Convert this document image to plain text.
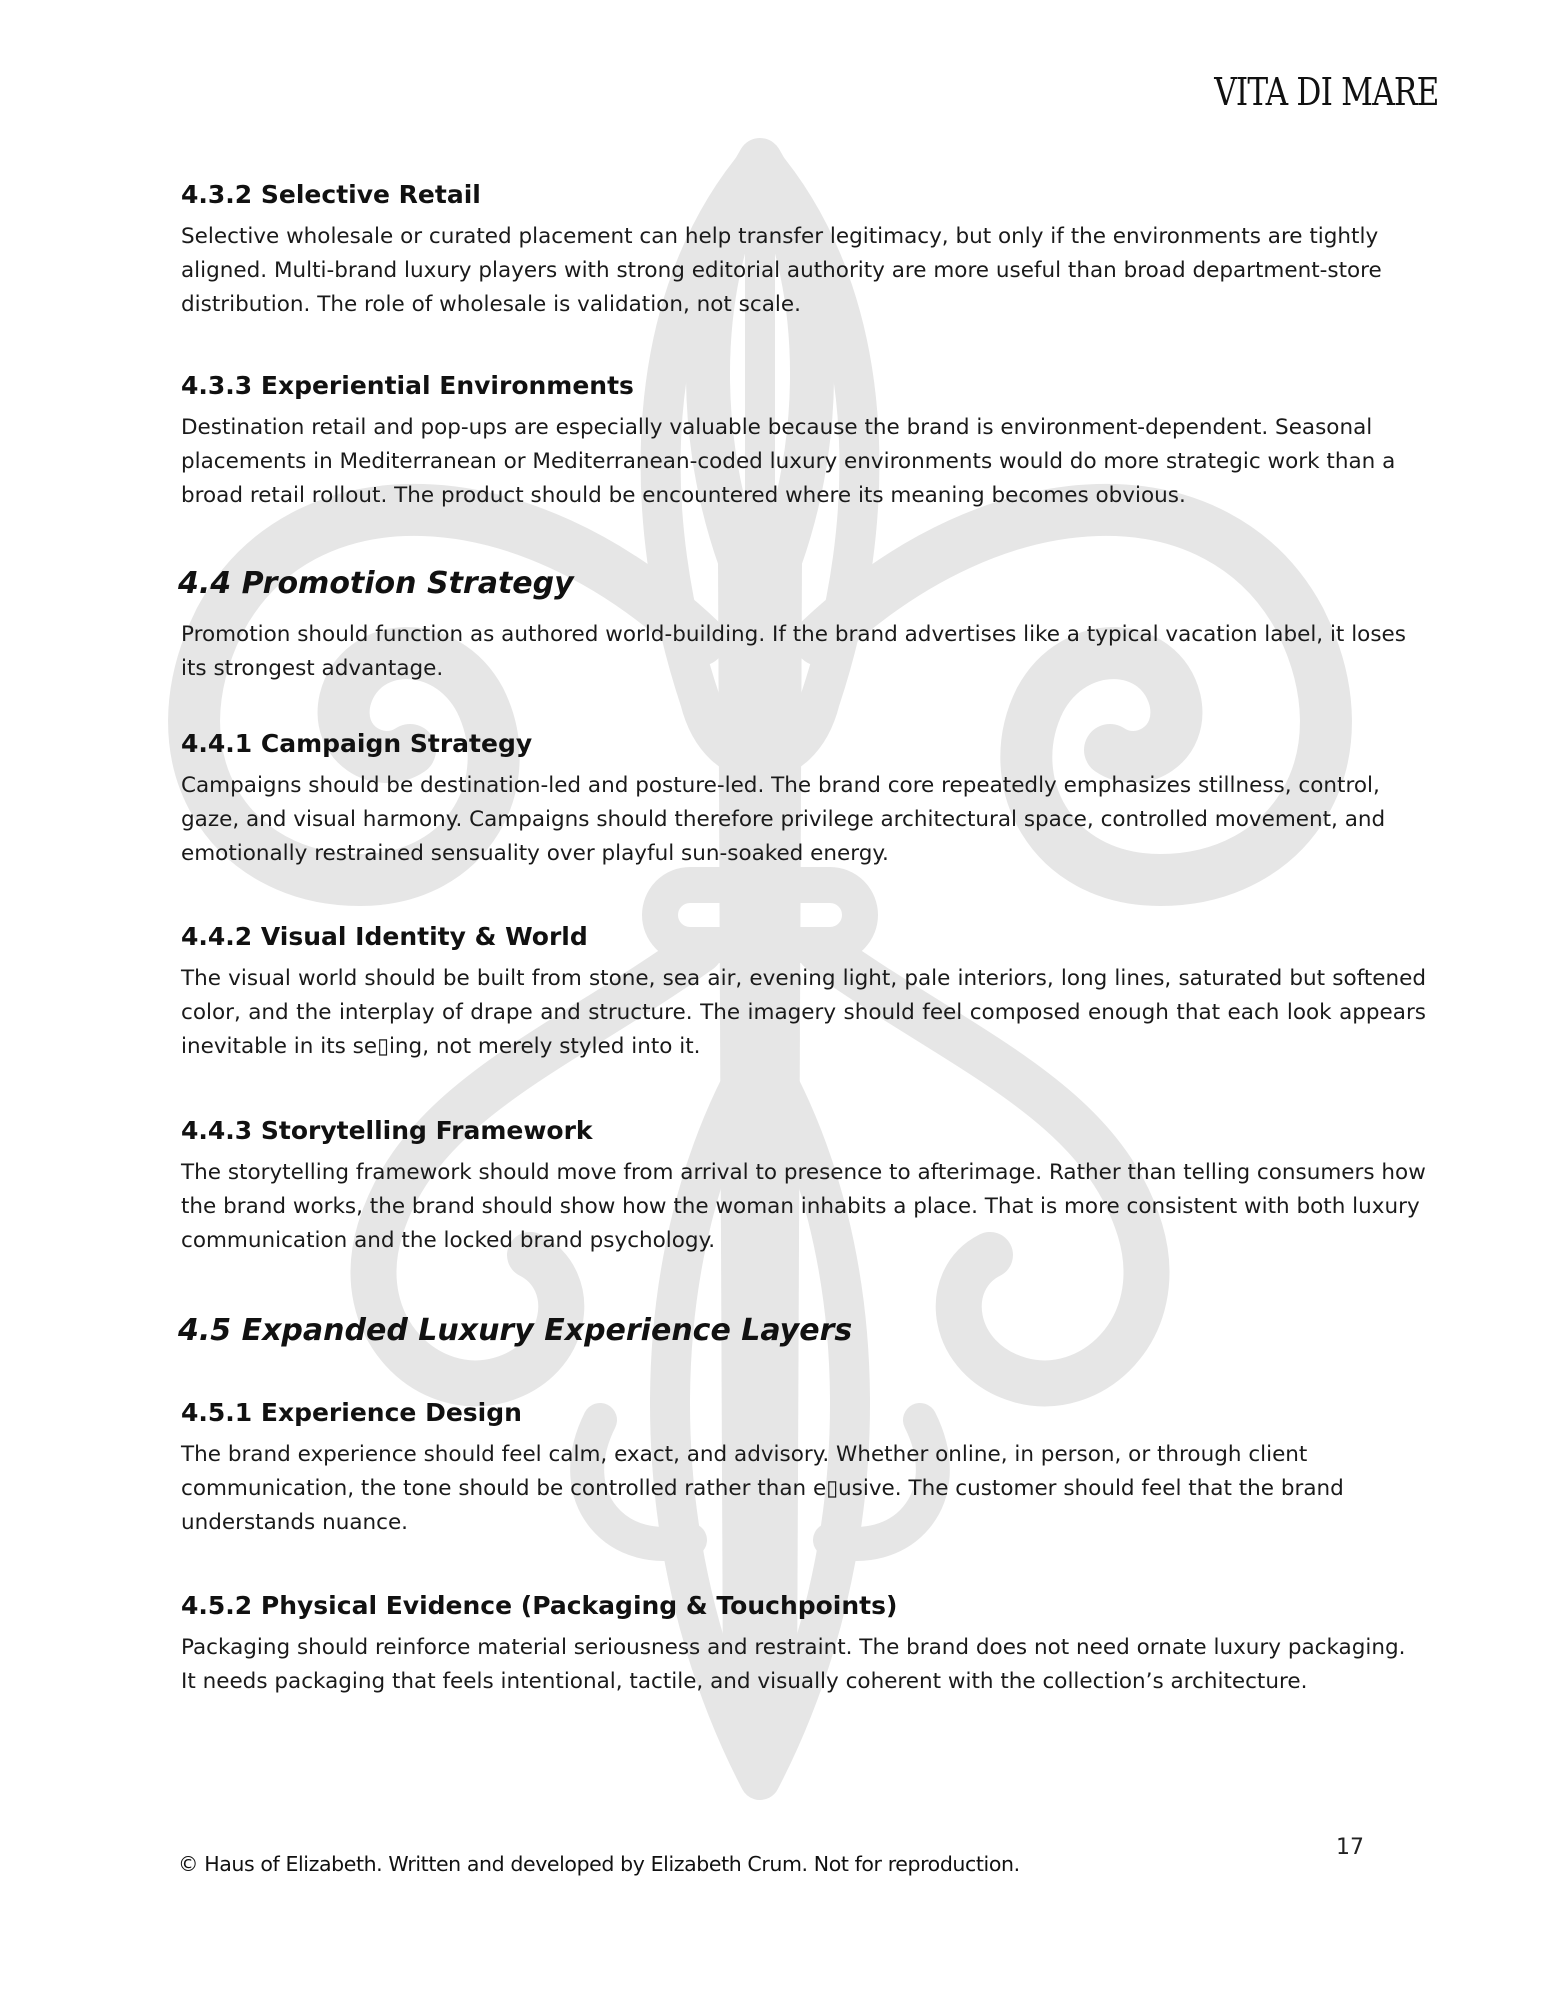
VITA DI MARE
4.3.2 Selective Retail

Selective wholesale or curated placement can help transfer legitimacy, but only if the environments are tightly aligned. Multi-brand luxury players with strong editorial authority are more useful than broad department-store distribution. The role of wholesale is validation, not scale.

4.3.3 Experiential Environments

Destination retail and pop-ups are especially valuable because the brand is environment-dependent. Seasonal placements in Mediterranean or Mediterranean-coded luxury environments would do more strategic work than a broad retail rollout. The product should be encountered where its meaning becomes obvious.

4.4 Promotion Strategy

Promotion should function as authored world-building. If the brand advertises like a typical vacation label, it loses its strongest advantage.

4.4.1 Campaign Strategy

Campaigns should be destination-led and posture-led. The brand core repeatedly emphasizes stillness, control, gaze, and visual harmony. Campaigns should therefore privilege architectural space, controlled movement, and emotionally restrained sensuality over playful sun-soaked energy.

4.4.2 Visual Identity & World

The visual world should be built from stone, sea air, evening light, pale interiors, long lines, saturated but softened color, and the interplay of drape and structure. The imagery should feel composed enough that each look appears inevitable in its se▯ing, not merely styled into it.

4.4.3 Storytelling Framework

The storytelling framework should move from arrival to presence to afterimage. Rather than telling consumers how the brand works, the brand should show how the woman inhabits a place. That is more consistent with both luxury communication and the locked brand psychology.

4.5 Expanded Luxury Experience Layers
4.5.1 Experience Design

The brand experience should feel calm, exact, and advisory. Whether online, in person, or through client communication, the tone should be controlled rather than e▯usive. The customer should feel that the brand understands nuance.

4.5.2 Physical Evidence (Packaging & Touchpoints)

Packaging should reinforce material seriousness and restraint. The brand does not need ornate luxury packaging. It needs packaging that feels intentional, tactile, and visually coherent with the collection’s architecture.

© Haus of Elizabeth. Written and developed by Elizabeth Crum. Not for reproduction.
17
